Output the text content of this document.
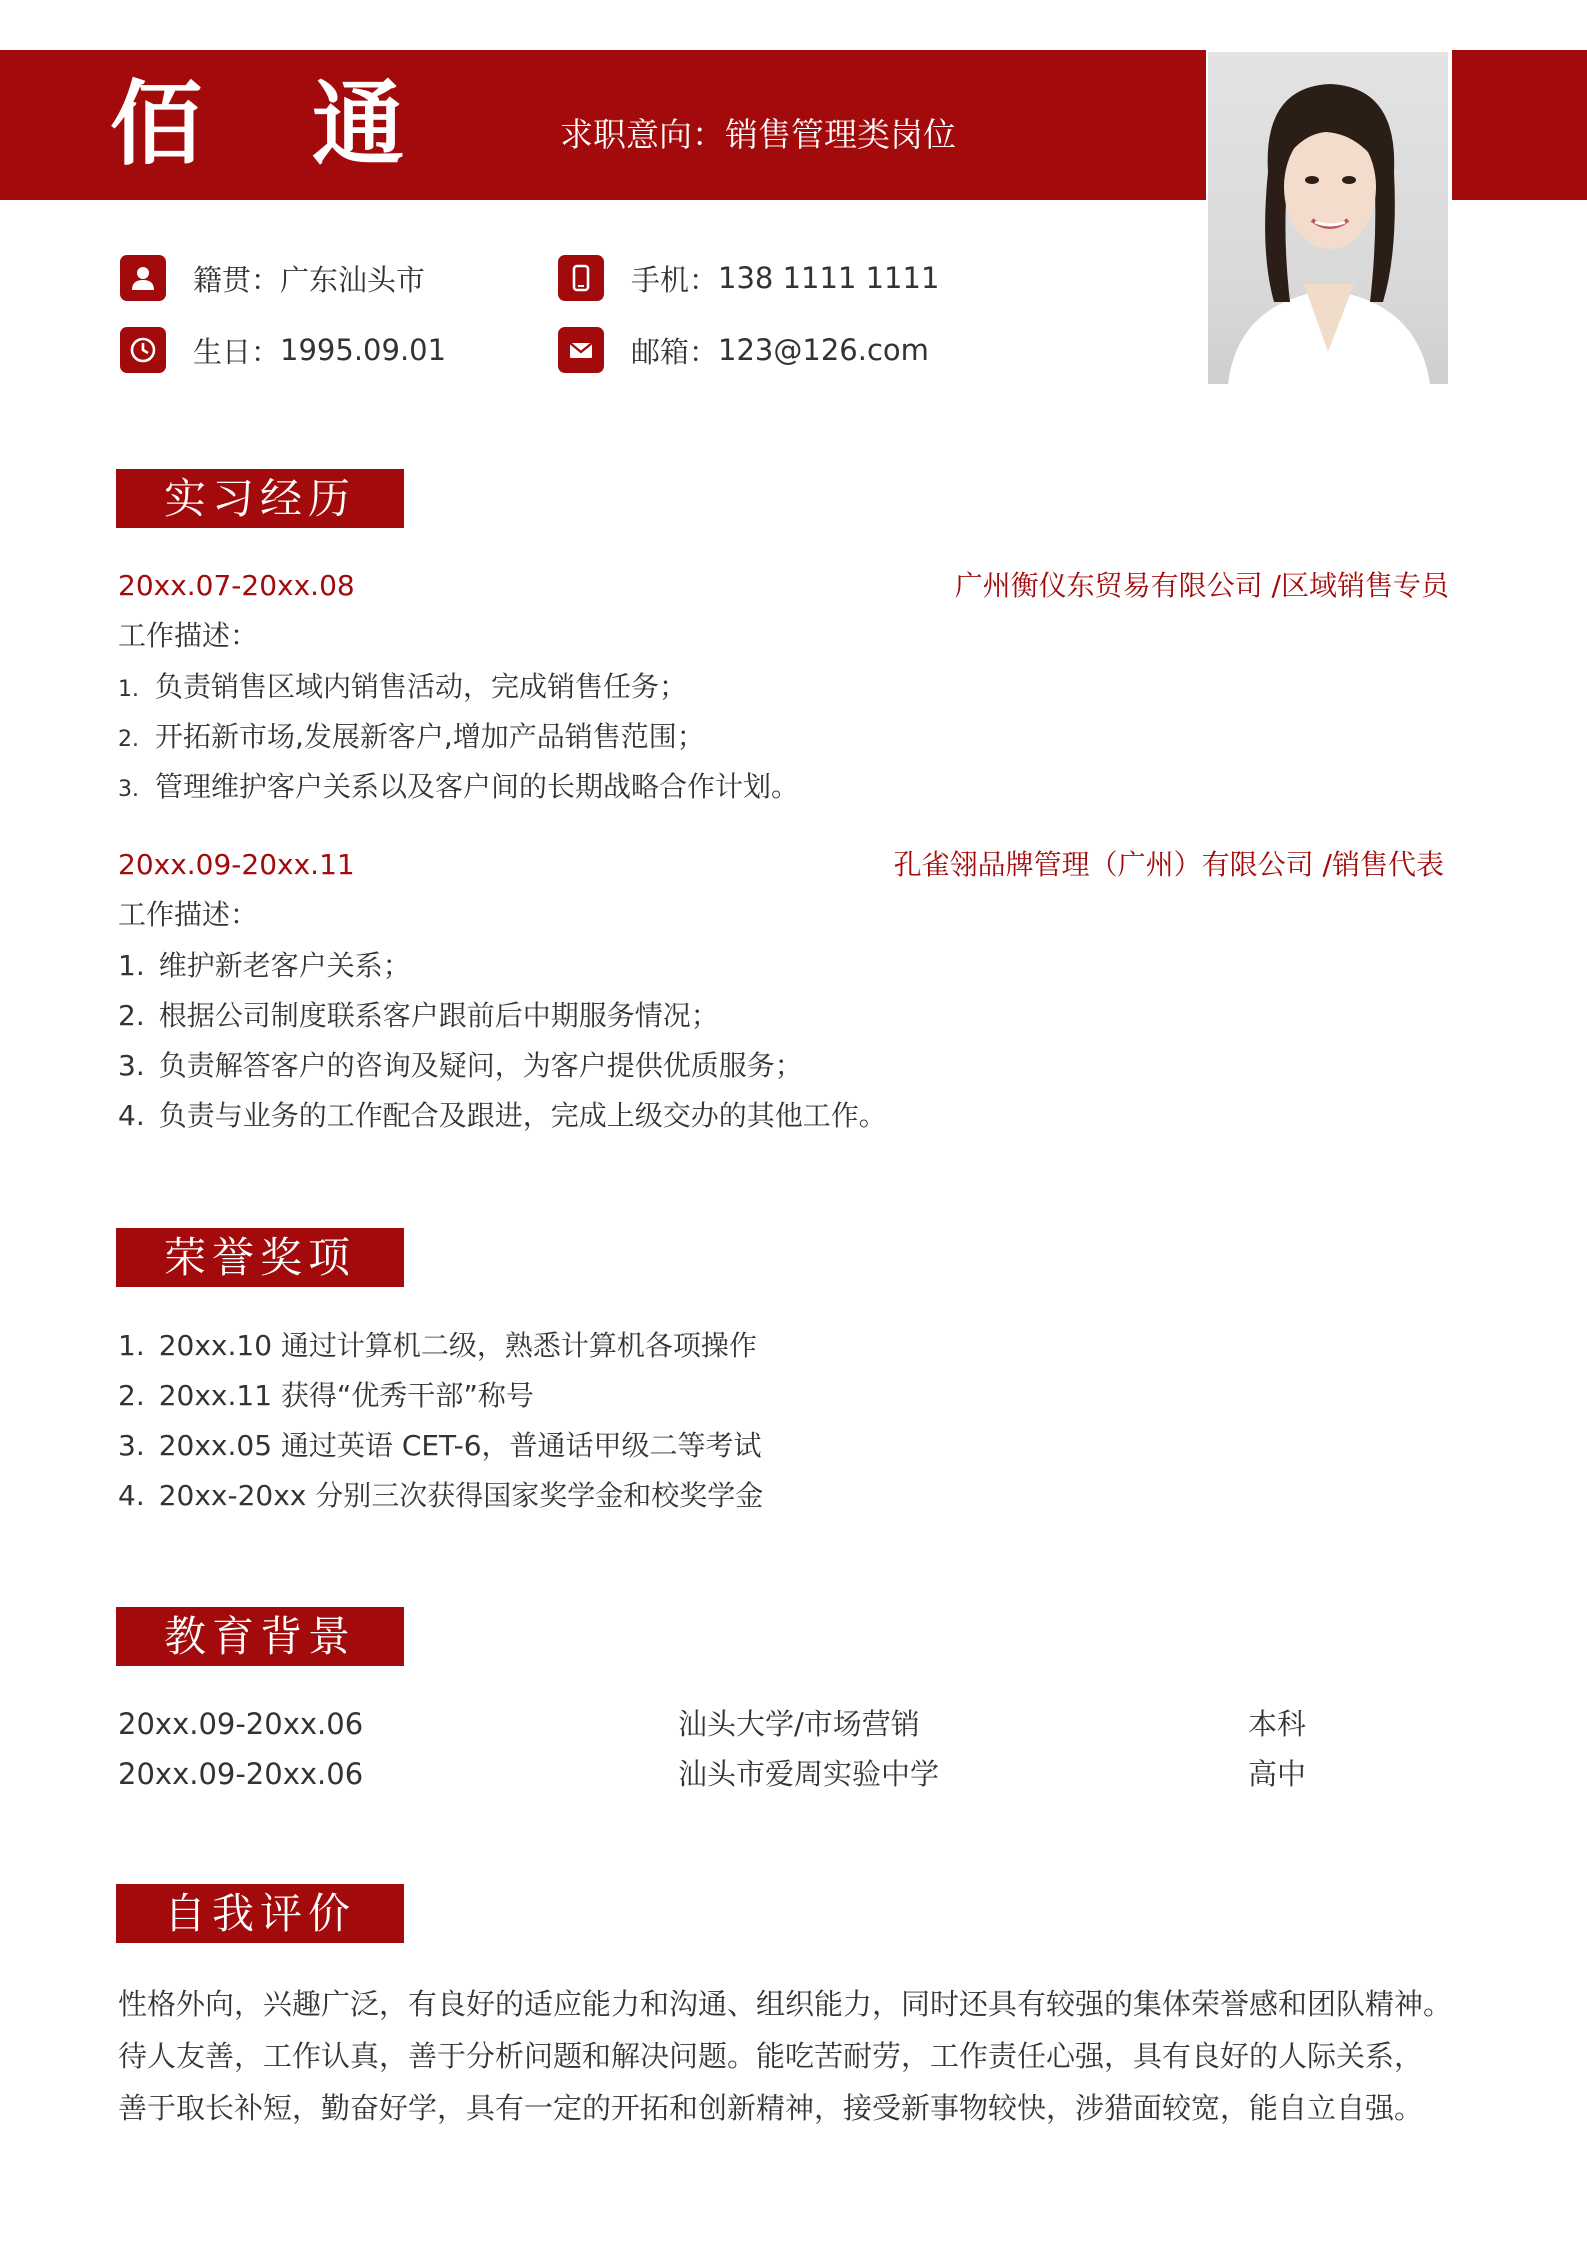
佰通 求职意向：销售管理类岗位
籍贯： 广东汕头市	手机： 138 1111 1111
生日： 1995.09.01	邮箱： 123@126.com
实习经历
20xx.07-20xx.08	广州衡仪东贸易有限公司 /区域销售专员
工作描述：
1. 负责销售区域内销售活动，完成销售任务；
2. 开拓新市场,发展新客户,增加产品销售范围；
3. 管理维护客户关系以及客户间的长期战略合作计划。
20xx.09-20xx.11	孔雀翎品牌管理（广州）有限公司 /销售代表
工作描述：
1. 维护新老客户关系；
2. 根据公司制度联系客户跟前后中期服务情况；
3. 负责解答客户的咨询及疑问，为客户提供优质服务；
4. 负责与业务的工作配合及跟进，完成上级交办的其他工作。
荣誉奖项
1. 20xx.10 通过计算机二级，熟悉计算机各项操作
2. 20xx.11 获得“优秀干部”称号
3. 20xx.05 通过英语 CET-6，普通话甲级二等考试
4. 20xx-20xx 分别三次获得国家奖学金和校奖学金
教育背景
20xx.09-20xx.06	汕头大学/市场营销	本科
20xx.09-20xx.06	汕头市爱周实验中学	高中
自我评价
性格外向，兴趣广泛，有良好的适应能力和沟通、组织能力，同时还具有较强的集体荣誉感和团队精神。
待人友善，工作认真，善于分析问题和解决问题。能吃苦耐劳，工作责任心强，具有良好的人际关系，
善于取长补短，勤奋好学，具有一定的开拓和创新精神，接受新事物较快，涉猎面较宽，能自立自强。
